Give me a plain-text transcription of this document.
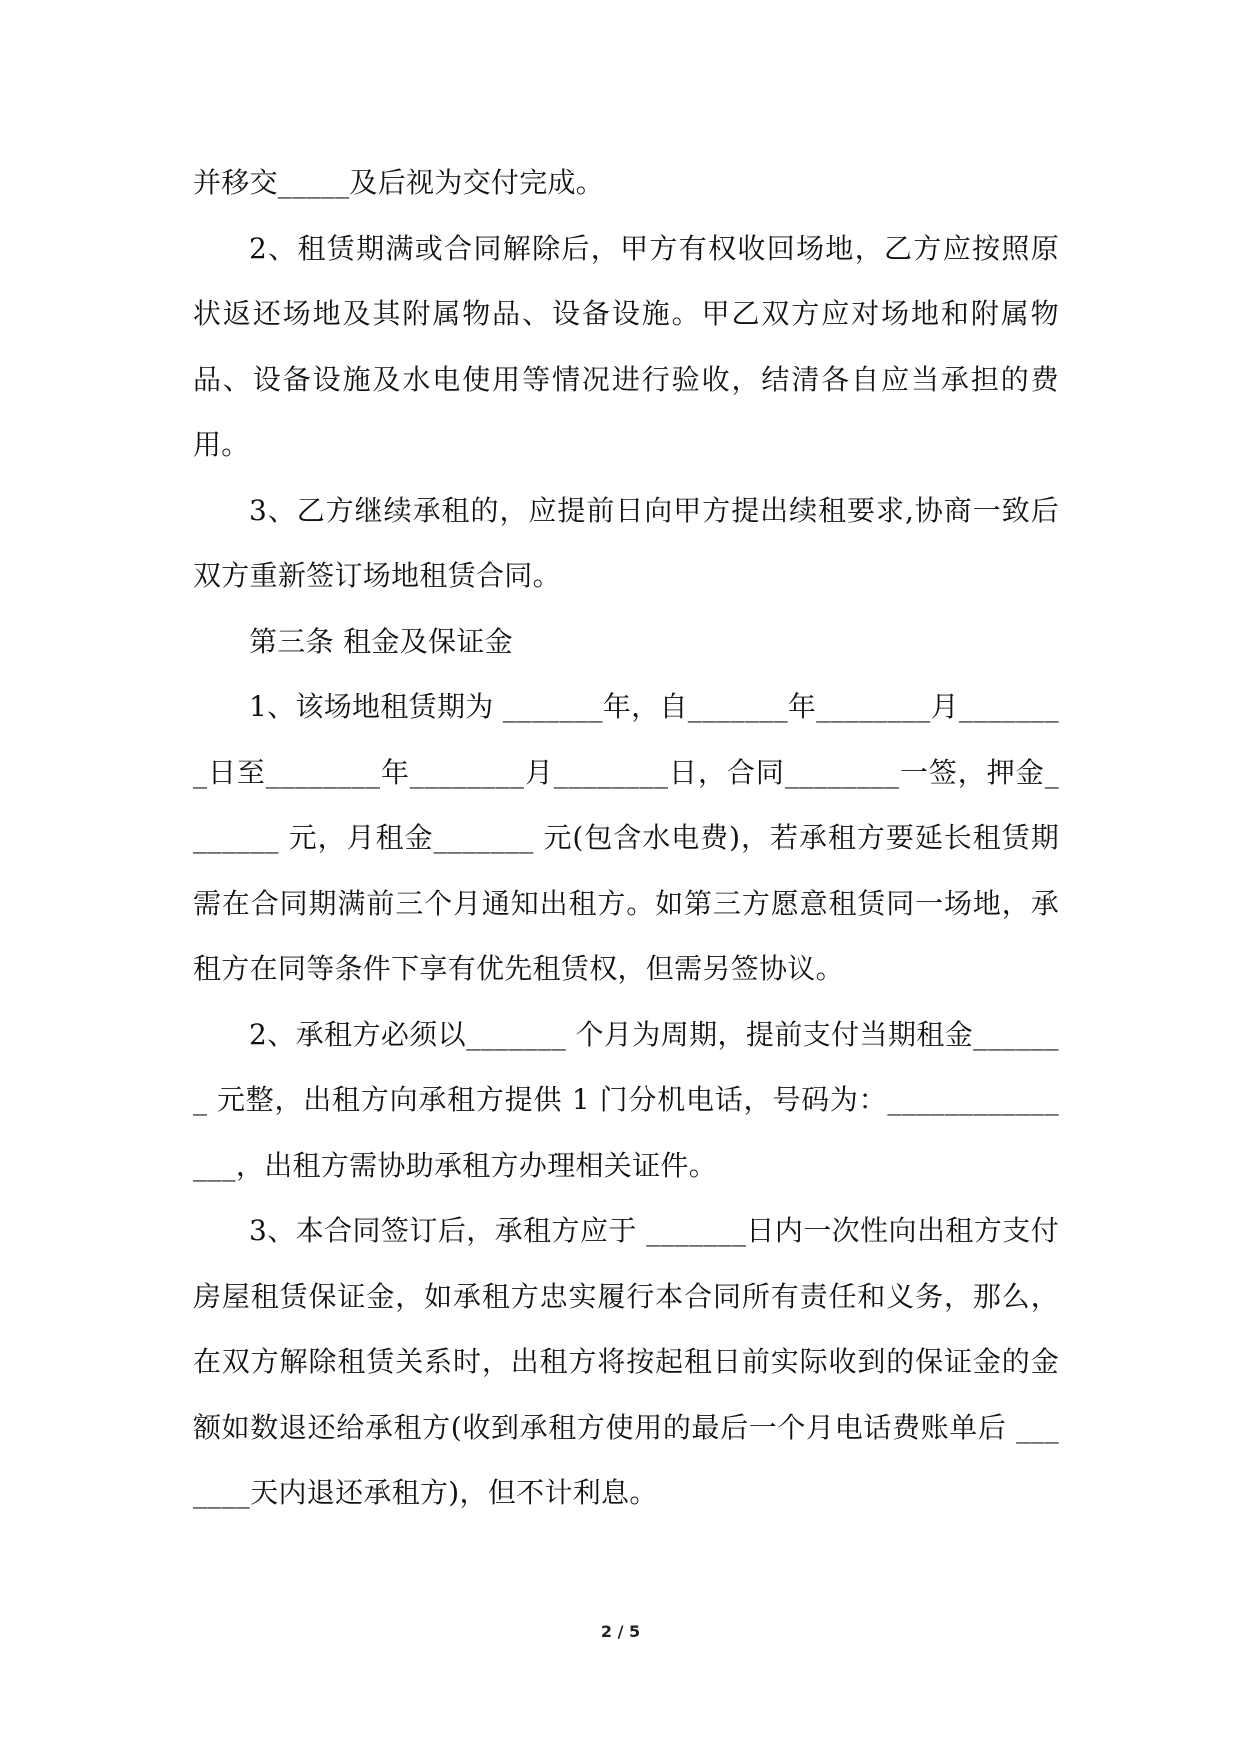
并移交_____及后视为交付完成。

2、租赁期满或合同解除后，甲方有权收回场地，乙方应按照原状返还场地及其附属物品、设备设施。甲乙双方应对场地和附属物品、设备设施及水电使用等情况进行验收，结清各自应当承担的费用。

3、乙方继续承租的，应提前日向甲方提出续租要求,协商一致后双方重新签订场地租赁合同。

第三条 租金及保证金

1、该场地租赁期为 _______年，自_______年________月________日至________年________月________日，合同________一签，押金_______ 元，月租金_______ 元(包含水电费)，若承租方要延长租赁期需在合同期满前三个月通知出租方。如第三方愿意租赁同一场地，承租方在同等条件下享有优先租赁权，但需另签协议。

2、承租方必须以_______ 个月为周期，提前支付当期租金_______ 元整，出租方向承租方提供 1 门分机电话，号码为：_______________，出租方需协助承租方办理相关证件。

3、本合同签订后，承租方应于 _______日内一次性向出租方支付房屋租赁保证金，如承租方忠实履行本合同所有责任和义务，那么，在双方解除租赁关系时，出租方将按起租日前实际收到的保证金的金额如数退还给承租方(收到承租方使用的最后一个月电话费账单后 _______天内退还承租方)，但不计利息。

2 / 5
